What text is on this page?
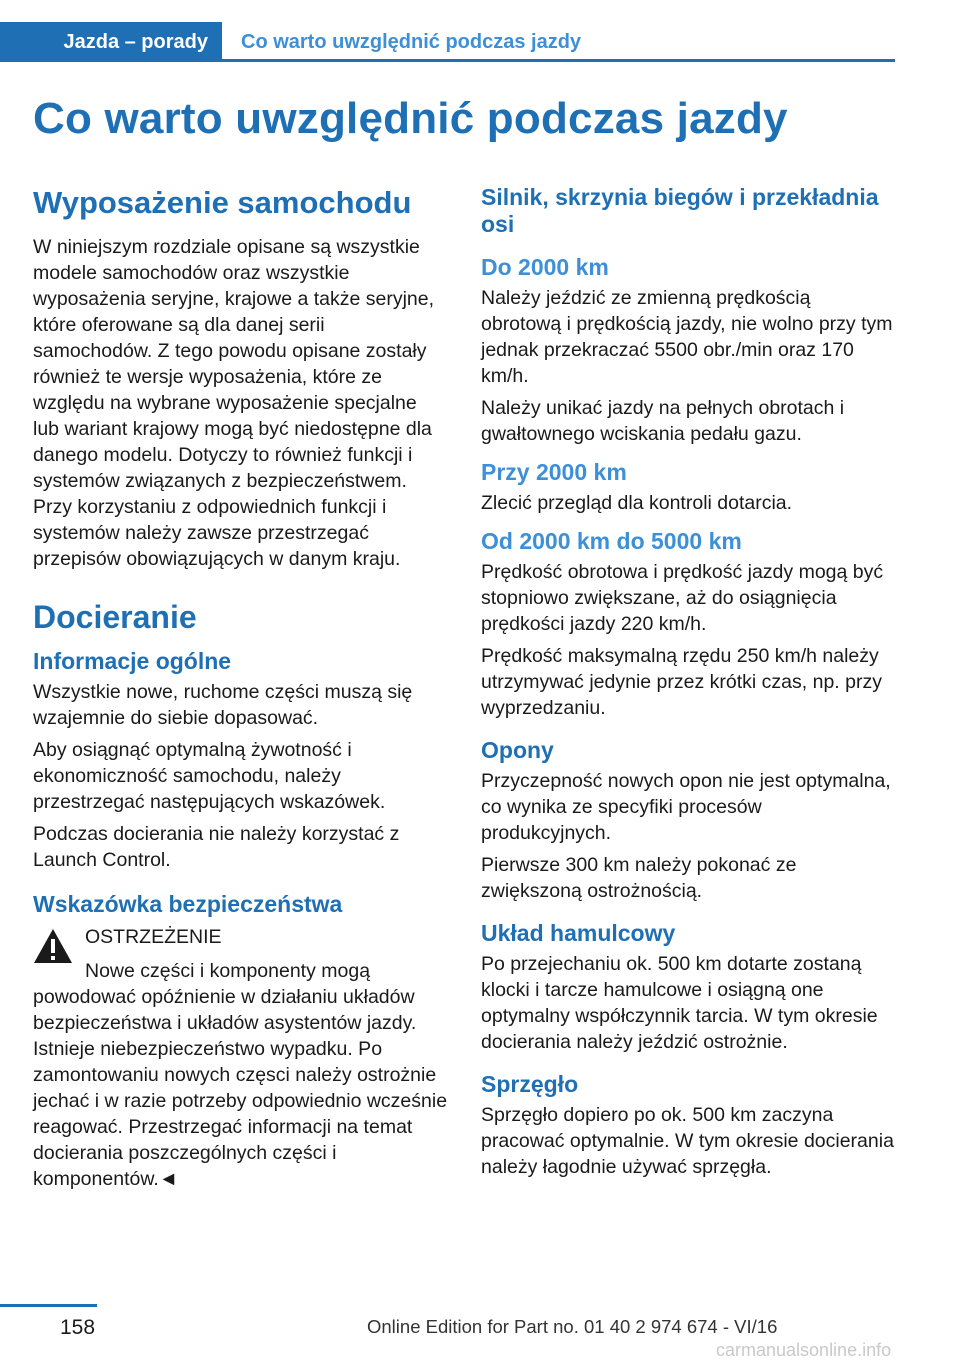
Jazda – porady	Co warto uwzględnić podczas jazdy
Co warto uwzględnić podczas jazdy
Wyposażenie samochodu

W niniejszym rozdziale opisane są wszystkie modele samochodów oraz wszystkie wyposażenia seryjne, krajowe a także seryjne, które oferowane są dla danej serii samochodów. Z tego powodu opisane zostały również te wersje wyposażenia, które ze względu na wybrane wyposażenie specjalne lub wariant krajowy mogą być niedostępne dla danego modelu. Dotyczy to również funkcji i systemów związanych z bezpieczeństwem. Przy korzystaniu z odpowiednich funkcji i systemów należy zawsze przestrzegać przepisów obowiązujących w danym kraju.

Docieranie
Informacje ogólne

Wszystkie nowe, ruchome części muszą się wzajemnie do siebie dopasować.

Aby osiągnąć optymalną żywotność i ekonomiczność samochodu, należy przestrzegać następujących wskazówek.

Podczas docierania nie należy korzystać z Launch Control.

Wskazówka bezpieczeństwa

OSTRZEŻENIE

Nowe części i komponenty mogą powodować opóźnienie w działaniu układów bezpieczeństwa i układów asystentów jazdy. Istnieje niebezpieczeństwo wypadku. Po zamontowaniu nowych częsci należy ostrożnie jechać i w razie potrzeby odpowiednio wcześnie reagować. Przestrzegać informacji na temat docierania poszczególnych części i komponentów.◄

Silnik, skrzynia biegów i przekładnia osi
Do 2000 km

Należy jeździć ze zmienną prędkością obrotową i prędkością jazdy, nie wolno przy tym jednak przekraczać 5500 obr./min oraz 170 km/h.

Należy unikać jazdy na pełnych obrotach i gwałtownego wciskania pedału gazu.

Przy 2000 km

Zlecić przegląd dla kontroli dotarcia.

Od 2000 km do 5000 km

Prędkość obrotowa i prędkość jazdy mogą być stopniowo zwiększane, aż do osiągnięcia prędkości jazdy 220 km/h.

Prędkość maksymalną rzędu 250 km/h należy utrzymywać jedynie przez krótki czas, np. przy wyprzedzaniu.

Opony

Przyczepność nowych opon nie jest optymalna, co wynika ze specyfiki procesów produkcyjnych.

Pierwsze 300 km należy pokonać ze zwiększoną ostrożnością.

Układ hamulcowy

Po przejechaniu ok. 500 km dotarte zostaną klocki i tarcze hamulcowe i osiągną one optymalny współczynnik tarcia. W tym okresie docierania należy jeździć ostrożnie.

Sprzęgło

Sprzęgło dopiero po ok. 500 km zaczyna pracować optymalnie. W tym okresie docierania należy łagodnie używać sprzęgła.

158	Online Edition for Part no. 01 40 2 974 674 - VI/16
carmanualsonline.info
